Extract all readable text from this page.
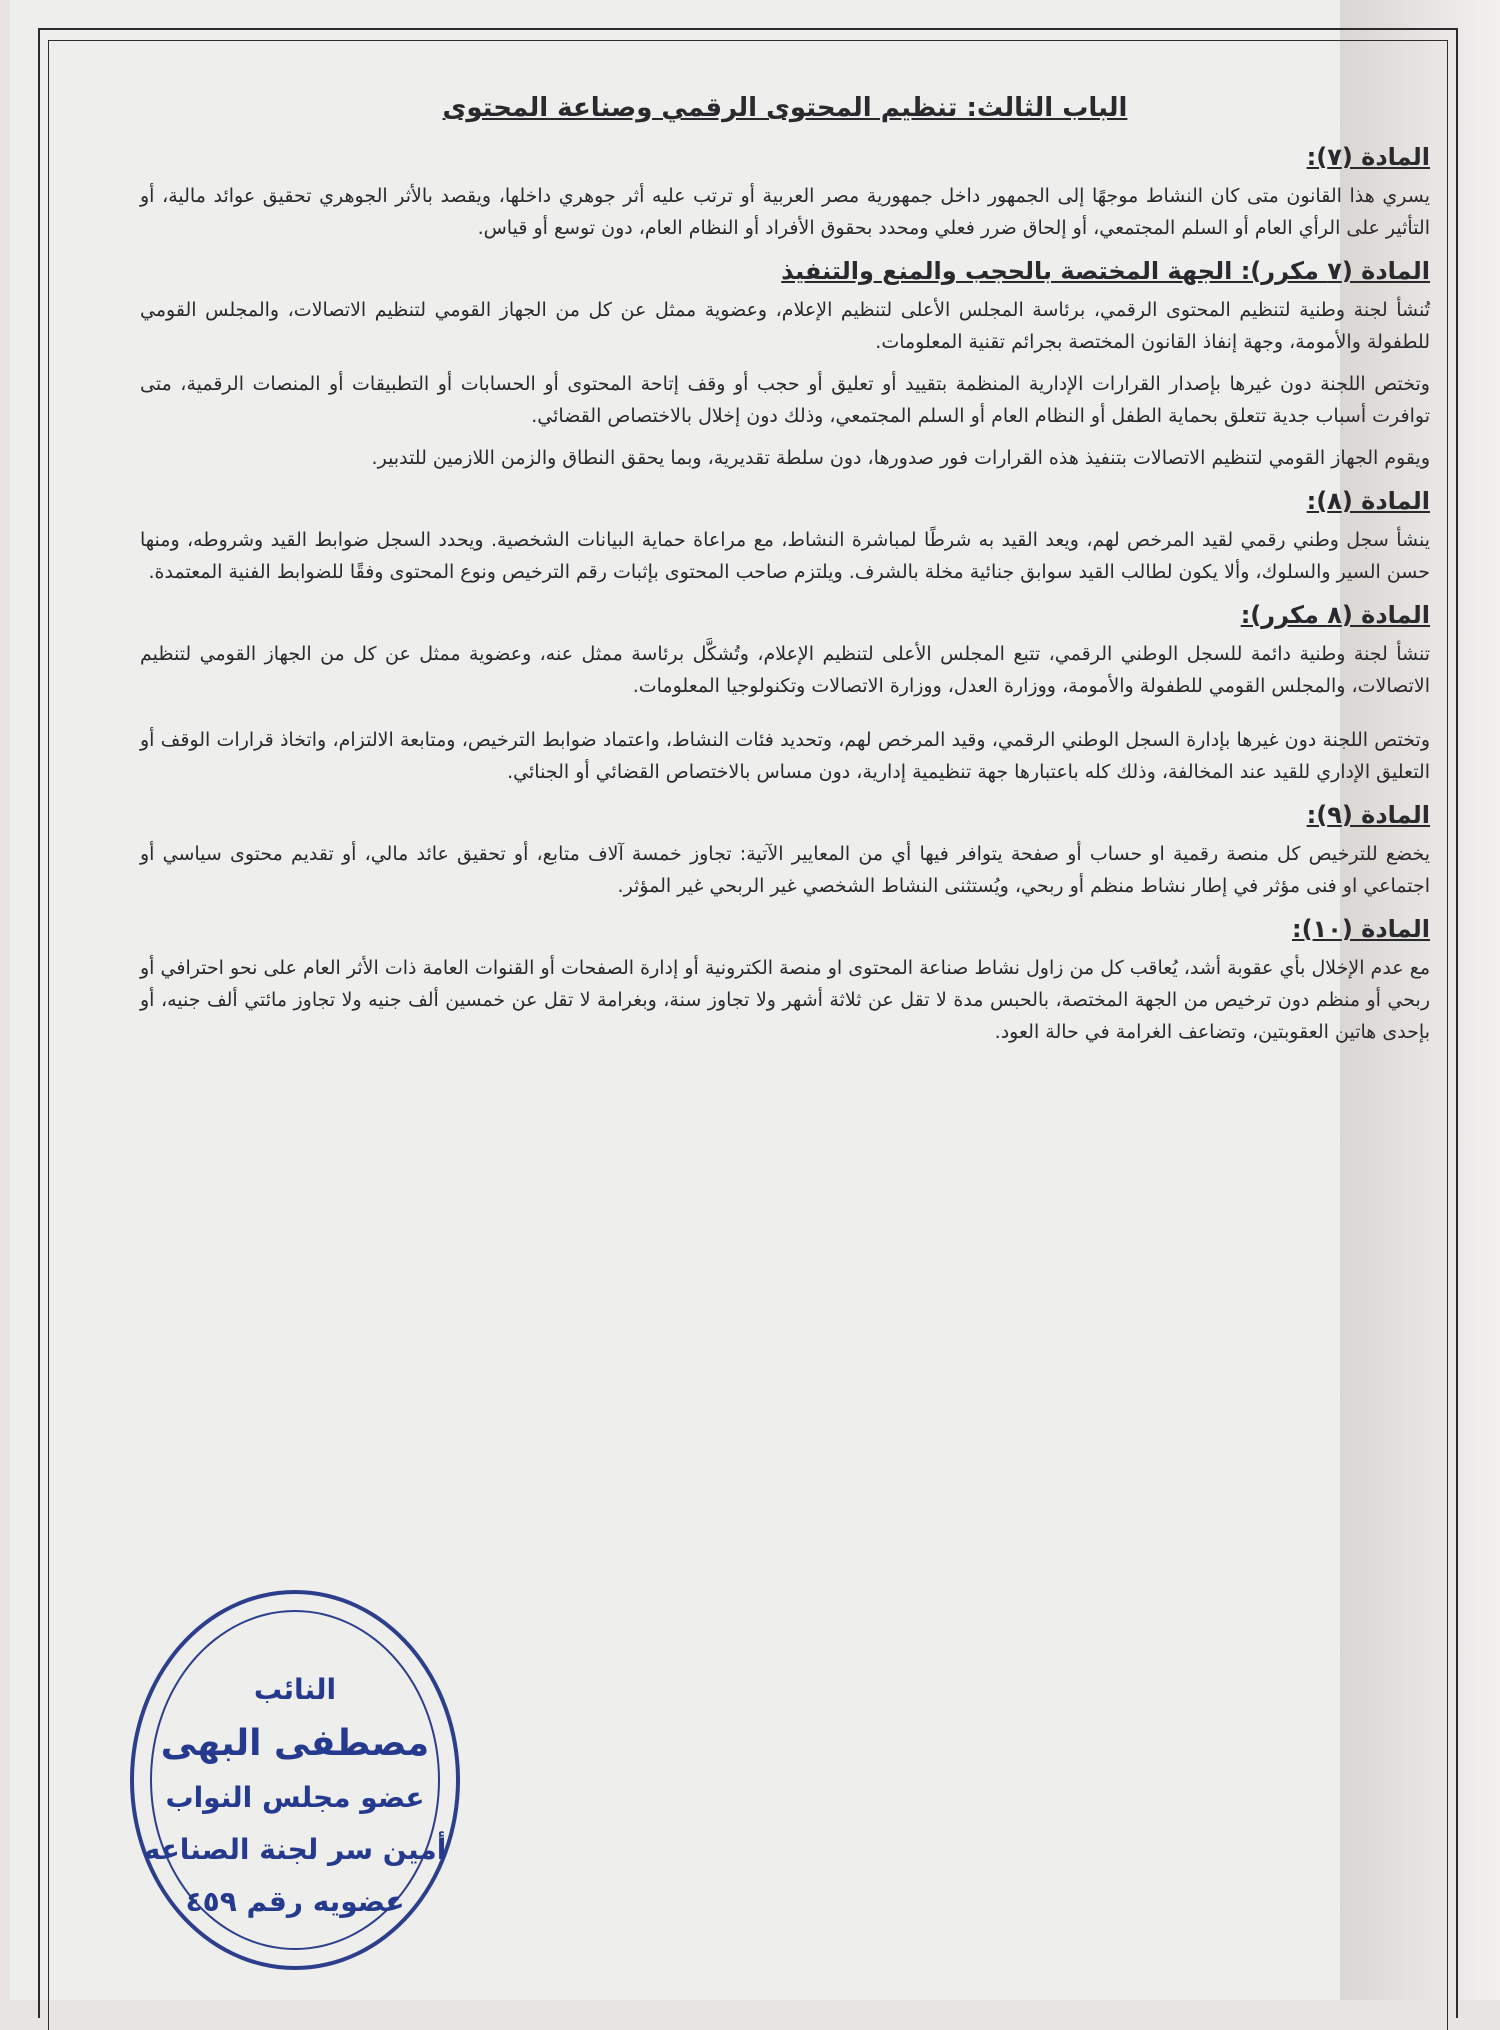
الباب الثالث: تنظيم المحتوى الرقمي وصناعة المحتوى
المادة (٧):

يسري هذا القانون متى كان النشاط موجهًا إلى الجمهور داخل جمهورية مصر العربية أو ترتب عليه أثر جوهري داخلها، ويقصد بالأثر الجوهري تحقيق عوائد مالية، أو التأثير على الرأي العام أو السلم المجتمعي، أو إلحاق ضرر فعلي ومحدد بحقوق الأفراد أو النظام العام، دون توسع أو قياس.

المادة (٧ مكرر): الجهة المختصة بالحجب والمنع والتنفيذ

تُنشأ لجنة وطنية لتنظيم المحتوى الرقمي، برئاسة المجلس الأعلى لتنظيم الإعلام، وعضوية ممثل عن كل من الجهاز القومي لتنظيم الاتصالات، والمجلس القومي للطفولة والأمومة، وجهة إنفاذ القانون المختصة بجرائم تقنية المعلومات.

وتختص اللجنة دون غيرها بإصدار القرارات الإدارية المنظمة بتقييد أو تعليق أو حجب أو وقف إتاحة المحتوى أو الحسابات أو التطبيقات أو المنصات الرقمية، متى توافرت أسباب جدية تتعلق بحماية الطفل أو النظام العام أو السلم المجتمعي، وذلك دون إخلال بالاختصاص القضائي.

ويقوم الجهاز القومي لتنظيم الاتصالات بتنفيذ هذه القرارات فور صدورها، دون سلطة تقديرية، وبما يحقق النطاق والزمن اللازمين للتدبير.

المادة (٨):

ينشأ سجل وطني رقمي لقيد المرخص لهم، ويعد القيد به شرطًا لمباشرة النشاط، مع مراعاة حماية البيانات الشخصية. ويحدد السجل ضوابط القيد وشروطه، ومنها حسن السير والسلوك، وألا يكون لطالب القيد سوابق جنائية مخلة بالشرف. ويلتزم صاحب المحتوى بإثبات رقم الترخيص ونوع المحتوى وفقًا للضوابط الفنية المعتمدة.

المادة (٨ مكرر):

تنشأ لجنة وطنية دائمة للسجل الوطني الرقمي، تتبع المجلس الأعلى لتنظيم الإعلام، وتُشكَّل برئاسة ممثل عنه، وعضوية ممثل عن كل من الجهاز القومي لتنظيم الاتصالات، والمجلس القومي للطفولة والأمومة، ووزارة العدل، ووزارة الاتصالات وتكنولوجيا المعلومات.

وتختص اللجنة دون غيرها بإدارة السجل الوطني الرقمي، وقيد المرخص لهم، وتحديد فئات النشاط، واعتماد ضوابط الترخيص، ومتابعة الالتزام، واتخاذ قرارات الوقف أو التعليق الإداري للقيد عند المخالفة، وذلك كله باعتبارها جهة تنظيمية إدارية، دون مساس بالاختصاص القضائي أو الجنائي.

المادة (٩):

يخضع للترخيص كل منصة رقمية او حساب أو صفحة يتوافر فيها أي من المعايير الآتية: تجاوز خمسة آلاف متابع، أو تحقيق عائد مالي، أو تقديم محتوى سياسي أو اجتماعي او فنى مؤثر في إطار نشاط منظم أو ربحي، ويُستثنى النشاط الشخصي غير الربحي غير المؤثر.

المادة (١٠):

مع عدم الإخلال بأي عقوبة أشد، يُعاقب كل من زاول نشاط صناعة المحتوى او منصة الكترونية أو إدارة الصفحات أو القنوات العامة ذات الأثر العام على نحو احترافي أو ربحي أو منظم دون ترخيص من الجهة المختصة، بالحبس مدة لا تقل عن ثلاثة أشهر ولا تجاوز سنة، وبغرامة لا تقل عن خمسين ألف جنيه ولا تجاوز مائتي ألف جنيه، أو بإحدى هاتين العقوبتين، وتضاعف الغرامة في حالة العود.

النائب
مصطفى البهى
عضو مجلس النواب
أمين سر لجنة الصناعه
عضويه رقم ٤٥٩
